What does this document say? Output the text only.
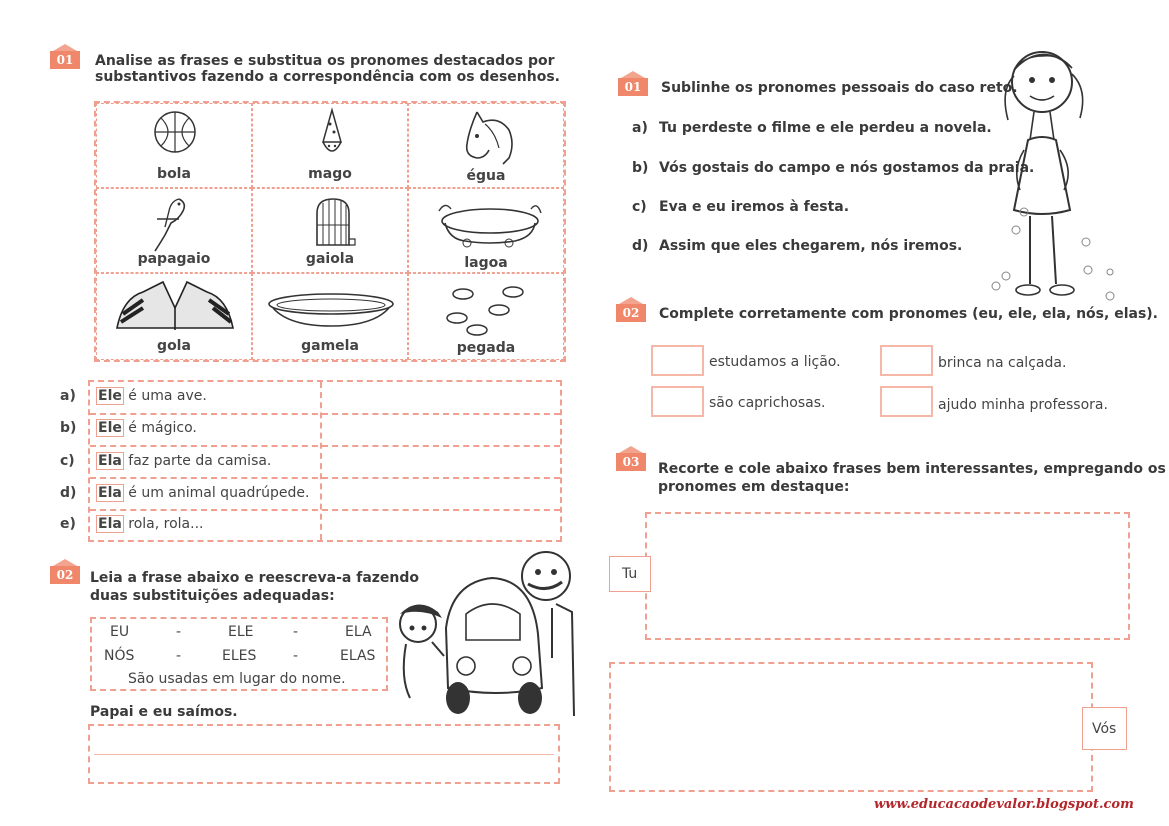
01	Analise as frases e substitua os pronomes destacados por
substantivos fazendo a correspondência com os desenhos.
bola	mago	égua
papagaio	gaiola	lagoa
gola	gamela	pegada
a) Ele é uma ave.
b) Ele é mágico.
c) Ela faz parte da camisa.
d) Ela é um animal quadrúpede.
e) Ela rola, rola...
02	Leia a frase abaixo e reescreva-a fazendo
duas substituições adequadas:
EU	-	ELE	-	ELA
NÓS	-	ELES	-	ELAS
São usadas em lugar do nome.
Papai e eu saímos.
01	Sublinhe os pronomes pessoais do caso reto.
a) Tu perdeste o filme e ele perdeu a novela.
b) Vós gostais do campo e nós gostamos da praia.
c) Eva e eu iremos à festa.
d) Assim que eles chegarem, nós iremos.
02	Complete corretamente com pronomes (eu, ele, ela, nós, elas).
estudamos a lição.	brinca na calçada.
são caprichosas.	ajudo minha professora.
03	Recorte e cole abaixo frases bem interessantes, empregando os
pronomes em destaque:
Tu
Vós
www.educacaodevalor.blogspot.com
